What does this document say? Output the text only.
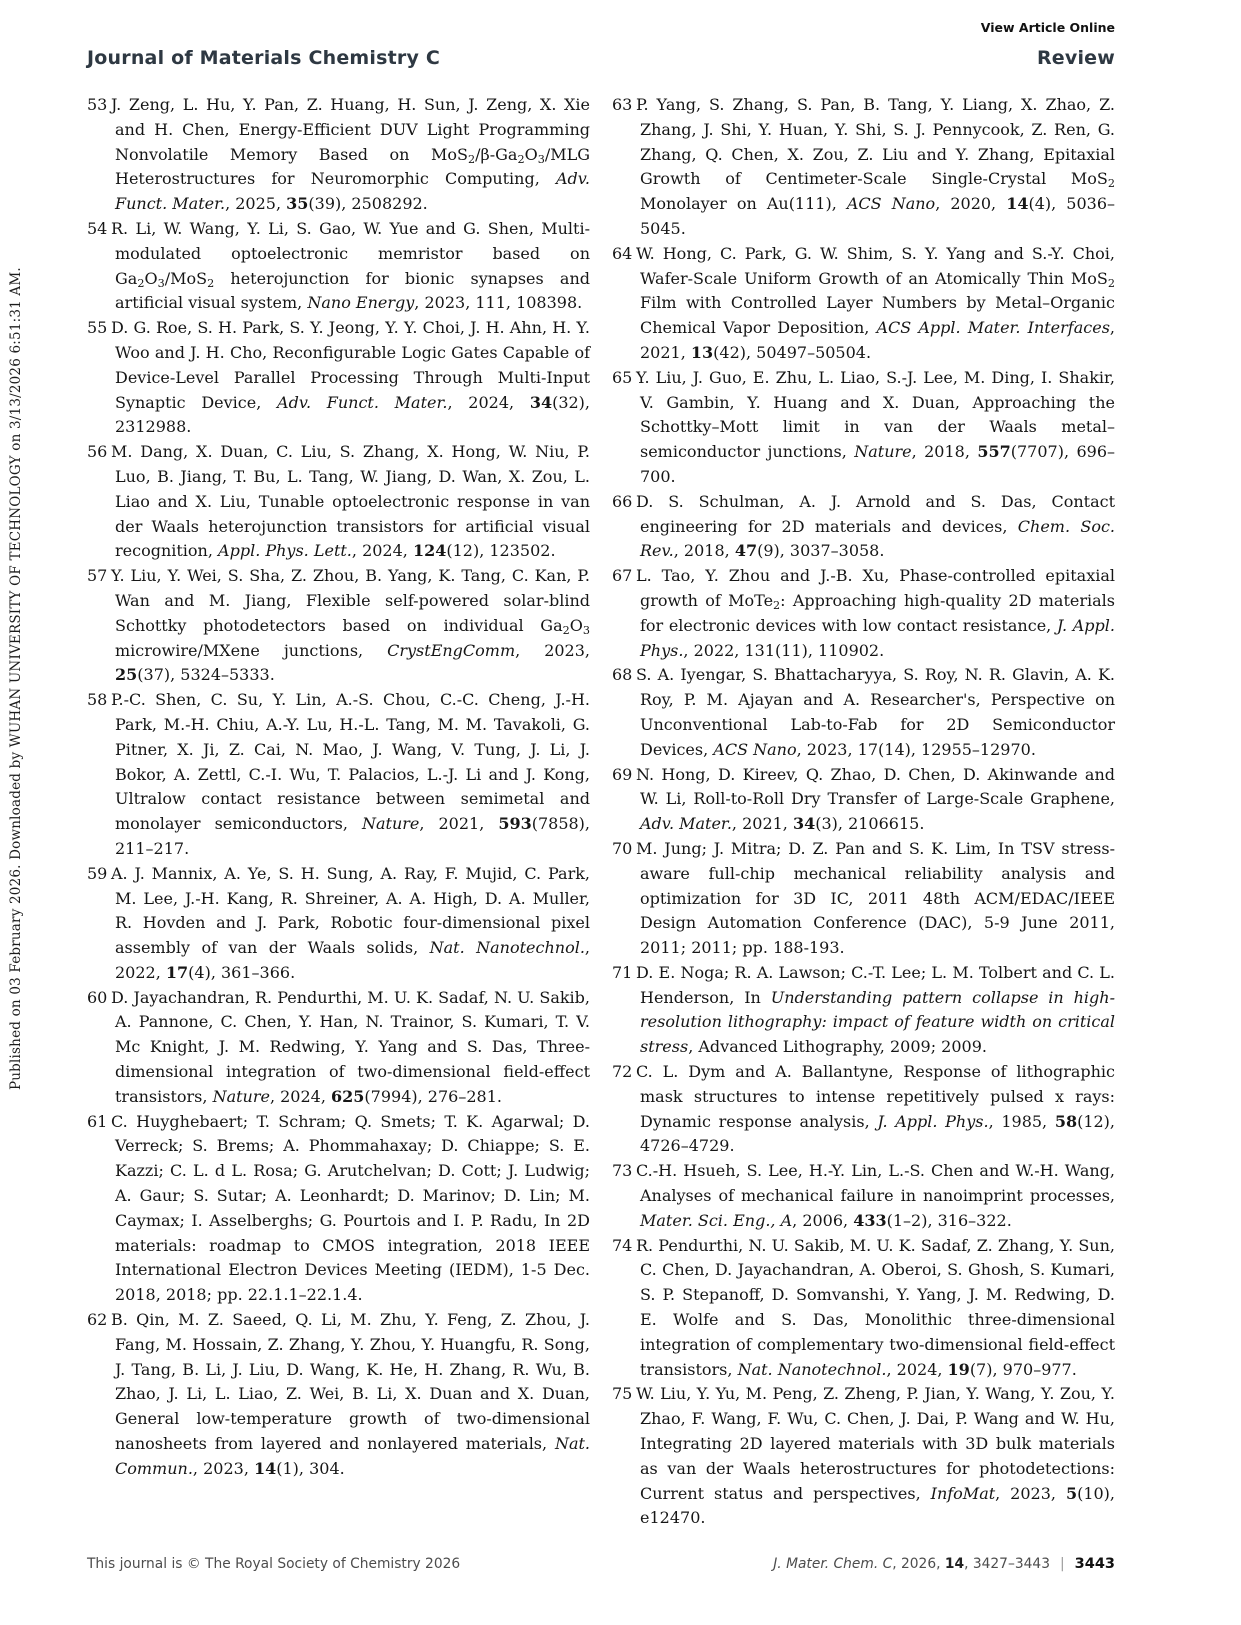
Published on 03 February 2026. Downloaded by WUHAN UNIVERSITY OF TECHNOLOGY on 3/13/2026 6:51:31 AM.
View Article Online
Journal of Materials Chemistry C	Review
53 J. Zeng, L. Hu, Y. Pan, Z. Huang, H. Sun, J. Zeng, X. Xie and H. Chen, Energy-Efficient DUV Light Programming Nonvolatile Memory Based on $MoS_2/\beta-Ga_2O_3$/MLG Heterostructures for Neuromorphic Computing, Adv. Funct. Mater., 2025, 35(39), 2508292.
54 R. Li, W. Wang, Y. Li, S. Gao, W. Yue and G. Shen, Multi-modulated optoelectronic memristor based on $Ga_2O_3/MoS_2$ heterojunction for bionic synapses and artificial visual system, Nano Energy, 2023, 111, 108398.
55 D. G. Roe, S. H. Park, S. Y. Jeong, Y. Y. Choi, J. H. Ahn, H. Y. Woo and J. H. Cho, Reconfigurable Logic Gates Capable of Device-Level Parallel Processing Through Multi-Input Synaptic Device, Adv. Funct. Mater., 2024, 34(32), 2312988.
56 M. Dang, X. Duan, C. Liu, S. Zhang, X. Hong, W. Niu, P. Luo, B. Jiang, T. Bu, L. Tang, W. Jiang, D. Wan, X. Zou, L. Liao and X. Liu, Tunable optoelectronic response in van der Waals heterojunction transistors for artificial visual recognition, Appl. Phys. Lett., 2024, 124(12), 123502.
57 Y. Liu, Y. Wei, S. Sha, Z. Zhou, B. Yang, K. Tang, C. Kan, P. Wan and M. Jiang, Flexible self-powered solar-blind Schottky photodetectors based on individual $Ga_2O_3$ microwire/MXene junctions, CrystEngComm, 2023, 25(37), 5324–5333.
58 P.-C. Shen, C. Su, Y. Lin, A.-S. Chou, C.-C. Cheng, J.-H. Park, M.-H. Chiu, A.-Y. Lu, H.-L. Tang, M. M. Tavakoli, G. Pitner, X. Ji, Z. Cai, N. Mao, J. Wang, V. Tung, J. Li, J. Bokor, A. Zettl, C.-I. Wu, T. Palacios, L.-J. Li and J. Kong, Ultralow contact resistance between semimetal and monolayer semiconductors, Nature, 2021, 593(7858), 211–217.
59 A. J. Mannix, A. Ye, S. H. Sung, A. Ray, F. Mujid, C. Park, M. Lee, J.-H. Kang, R. Shreiner, A. A. High, D. A. Muller, R. Hovden and J. Park, Robotic four-dimensional pixel assembly of van der Waals solids, Nat. Nanotechnol., 2022, 17(4), 361–366.
60 D. Jayachandran, R. Pendurthi, M. U. K. Sadaf, N. U. Sakib, A. Pannone, C. Chen, Y. Han, N. Trainor, S. Kumari, T. V. Mc Knight, J. M. Redwing, Y. Yang and S. Das, Three-dimensional integration of two-dimensional field-effect transistors, Nature, 2024, 625(7994), 276–281.
61 C. Huyghebaert; T. Schram; Q. Smets; T. K. Agarwal; D. Verreck; S. Brems; A. Phommahaxay; D. Chiappe; S. E. Kazzi; C. L. d L. Rosa; G. Arutchelvan; D. Cott; J. Ludwig; A. Gaur; S. Sutar; A. Leonhardt; D. Marinov; D. Lin; M. Caymax; I. Asselberghs; G. Pourtois and I. P. Radu, In 2D materials: roadmap to CMOS integration, 2018 IEEE International Electron Devices Meeting (IEDM), 1-5 Dec. 2018, 2018; pp. 22.1.1–22.1.4.
62 B. Qin, M. Z. Saeed, Q. Li, M. Zhu, Y. Feng, Z. Zhou, J. Fang, M. Hossain, Z. Zhang, Y. Zhou, Y. Huangfu, R. Song, J. Tang, B. Li, J. Liu, D. Wang, K. He, H. Zhang, R. Wu, B. Zhao, J. Li, L. Liao, Z. Wei, B. Li, X. Duan and X. Duan, General low-temperature growth of two-dimensional nanosheets from layered and nonlayered materials, Nat. Commun., 2023, 14(1), 304.
63 P. Yang, S. Zhang, S. Pan, B. Tang, Y. Liang, X. Zhao, Z. Zhang, J. Shi, Y. Huan, Y. Shi, S. J. Pennycook, Z. Ren, G. Zhang, Q. Chen, X. Zou, Z. Liu and Y. Zhang, Epitaxial Growth of Centimeter-Scale Single-Crystal MoS$_2$ Monolayer on Au(111), ACS Nano, 2020, 14(4), 5036–5045.
64 W. Hong, C. Park, G. W. Shim, S. Y. Yang and S.-Y. Choi, Wafer-Scale Uniform Growth of an Atomically Thin MoS$_2$ Film with Controlled Layer Numbers by Metal–Organic Chemical Vapor Deposition, ACS Appl. Mater. Interfaces, 2021, 13(42), 50497–50504.
65 Y. Liu, J. Guo, E. Zhu, L. Liao, S.-J. Lee, M. Ding, I. Shakir, V. Gambin, Y. Huang and X. Duan, Approaching the Schottky–Mott limit in van der Waals metal–semiconductor junctions, Nature, 2018, 557(7707), 696–700.
66 D. S. Schulman, A. J. Arnold and S. Das, Contact engineering for 2D materials and devices, Chem. Soc. Rev., 2018, 47(9), 3037–3058.
67 L. Tao, Y. Zhou and J.-B. Xu, Phase-controlled epitaxial growth of MoTe$_2$: Approaching high-quality 2D materials for electronic devices with low contact resistance, J. Appl. Phys., 2022, 131(11), 110902.
68 S. A. Iyengar, S. Bhattacharyya, S. Roy, N. R. Glavin, A. K. Roy, P. M. Ajayan and A. Researcher's, Perspective on Unconventional Lab-to-Fab for 2D Semiconductor Devices, ACS Nano, 2023, 17(14), 12955–12970.
69 N. Hong, D. Kireev, Q. Zhao, D. Chen, D. Akinwande and W. Li, Roll-to-Roll Dry Transfer of Large-Scale Graphene, Adv. Mater., 2021, 34(3), 2106615.
70 M. Jung; J. Mitra; D. Z. Pan and S. K. Lim, In TSV stress-aware full-chip mechanical reliability analysis and optimization for 3D IC, 2011 48th ACM/EDAC/IEEE Design Automation Conference (DAC), 5-9 June 2011, 2011; 2011; pp. 188-193.
71 D. E. Noga; R. A. Lawson; C.-T. Lee; L. M. Tolbert and C. L. Henderson, In Understanding pattern collapse in high-resolution lithography: impact of feature width on critical stress, Advanced Lithography, 2009; 2009.
72 C. L. Dym and A. Ballantyne, Response of lithographic mask structures to intense repetitively pulsed x rays: Dynamic response analysis, J. Appl. Phys., 1985, 58(12), 4726–4729.
73 C.-H. Hsueh, S. Lee, H.-Y. Lin, L.-S. Chen and W.-H. Wang, Analyses of mechanical failure in nanoimprint processes, Mater. Sci. Eng., A, 2006, 433(1–2), 316–322.
74 R. Pendurthi, N. U. Sakib, M. U. K. Sadaf, Z. Zhang, Y. Sun, C. Chen, D. Jayachandran, A. Oberoi, S. Ghosh, S. Kumari, S. P. Stepanoff, D. Somvanshi, Y. Yang, J. M. Redwing, D. E. Wolfe and S. Das, Monolithic three-dimensional integration of complementary two-dimensional field-effect transistors, Nat. Nanotechnol., 2024, 19(7), 970–977.
75 W. Liu, Y. Yu, M. Peng, Z. Zheng, P. Jian, Y. Wang, Y. Zou, Y. Zhao, F. Wang, F. Wu, C. Chen, J. Dai, P. Wang and W. Hu, Integrating 2D layered materials with 3D bulk materials as van der Waals heterostructures for photodetections: Current status and perspectives, InfoMat, 2023, 5(10), e12470.
This journal is © The Royal Society of Chemistry 2026	J. Mater. Chem. C, 2026, 14, 3427–3443 | 3443
